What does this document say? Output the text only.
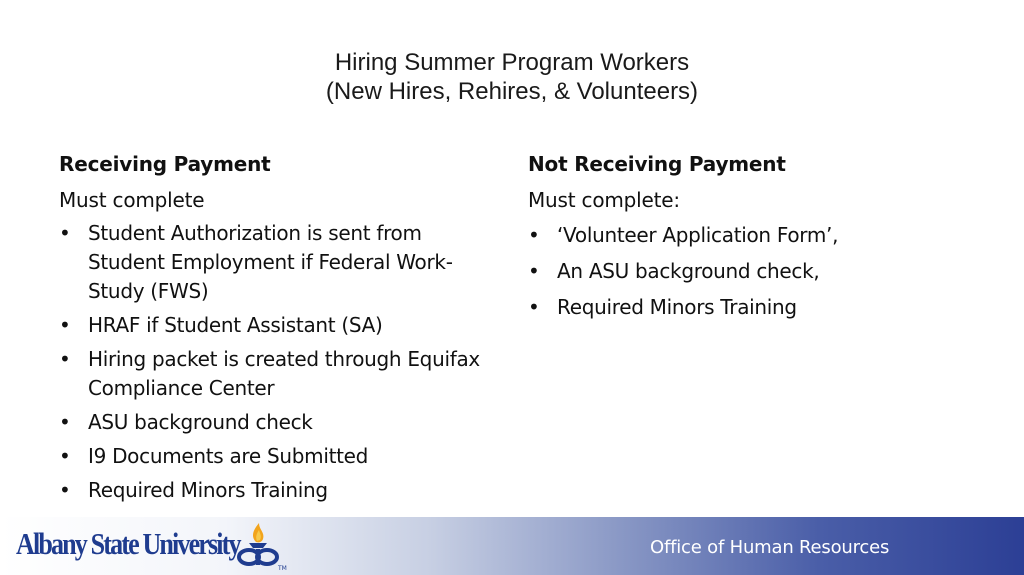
Hiring Summer Program Workers
(New Hires, Rehires, & Volunteers)
Receiving Payment
Must complete
• Student Authorization is sent from Student Employment if Federal Work-Study (FWS)
• HRAF if Student Assistant (SA)
• Hiring packet is created through Equifax Compliance Center
• ASU background check
• I9 Documents are Submitted
• Required Minors Training
Not Receiving Payment
Must complete:
• ‘Volunteer Application Form’,
• An ASU background check,
• Required Minors Training
Albany State University
TM
Office of Human Resources
